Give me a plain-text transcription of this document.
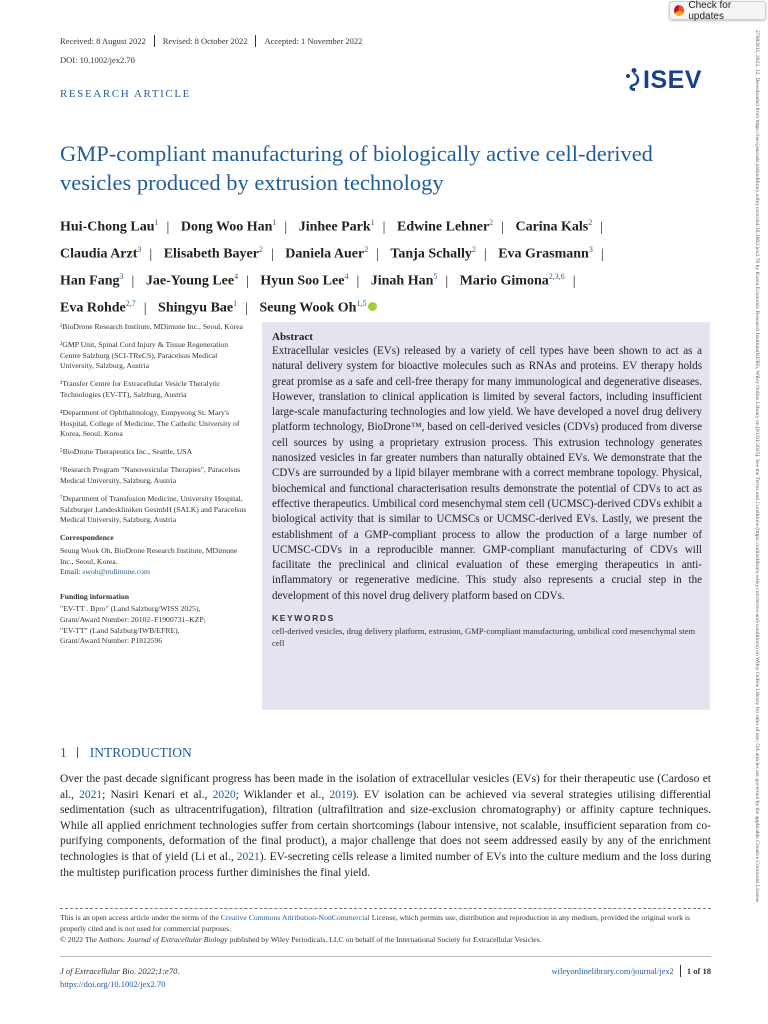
Check for updates
Received: 8 August 2022 Revised: 8 October 2022 Accepted: 1 November 2022
DOI: 10.1002/jex2.70
ISEV
RESEARCH ARTICLE
GMP-compliant manufacturing of biologically active cell-derived vesicles produced by extrusion technology
Hui-Chong Lau$^1$ | Dong Woo Han$^1$ | Jinhee Park$^1$ | Edwine Lehner$^2$ | Carina Kals$^2$ |
Claudia Arzt$^3$ | Elisabeth Bayer$^2$ | Daniela Auer$^2$ | Tanja Schally$^2$ | Eva Grasmann$^3$ |
Han Fang$^3$ | Jae-Young Lee$^4$ | Hyun Soo Lee$^4$ | Jinah Han$^5$ | Mario Gimona$^{2,3,6}$ |
Eva Rohde$^{2,7}$ | Shingyu Bae$^1$ | Seung Wook Oh$^{1,5}$
¹BioDrone Research Institute, MDimune Inc., Seoul, Korea
²GMP Unit, Spinal Cord Injury & Tissue Regeneration Centre Salzburg (SCI-TReCS), Paracelsus Medical University, Salzburg, Austria
³Transfer Centre for Extracellular Vesicle Theralytic Technologies (EV-TT), Salzburg, Austria
⁴Department of Ophthalmology, Eunpyeong St. Mary's Hospital, College of Medicine, The Catholic University of Korea, Seoul, Korea
⁵BioDrone Therapeutics Inc., Seattle, USA
⁶Research Program "Nanovesicular Therapies", Paracelsus Medical University, Salzburg, Austria
⁷Department of Transfusion Medicine, University Hospital, Salzburger Landeskliniken GesmbH (SALK) and Paracelsus Medical University, Salzburg, Austria
Correspondence
Seung Wook Oh, BioDrone Research Institute, MDimune Inc., Seoul, Korea.
Email: swoh@mdimune.com
Funding information
"EV-TT . Bpro" (Land Salzburg/WISS 2025),
Grant/Award Number: 20102–F1900731–KZP;
"EV-TT" (Land Salzburg/IWB/EFRE),
Grant/Award Number: P1812596
Abstract
Extracellular vesicles (EVs) released by a variety of cell types have been shown to act as a natural delivery system for bioactive molecules such as RNAs and proteins. EV therapy holds great promise as a safe and cell-free therapy for many immunological and degenerative diseases. However, translation to clinical application is limited by several factors, including insufficient large-scale manufacturing technologies and low yield. We have developed a novel drug delivery platform technology, BioDrone™, based on cell-derived vesicles (CDVs) produced from diverse cell sources by using a proprietary extrusion process. This extrusion technology generates nanosized vesicles in far greater numbers than naturally obtained EVs. We demonstrate that the CDVs are surrounded by a lipid bilayer membrane with a correct membrane topology. Physical, biochemical and functional characterisation results demonstrate the potential of CDVs to act as effective therapeutics. Umbilical cord mesenchymal stem cell (UCMSC)-derived CDVs exhibit a biological activity that is similar to UCMSCs or UCMSC-derived EVs. Lastly, we present the establishment of a GMP-compliant process to allow the production of a large number of UCMSC-CDVs in a reproducible manner. GMP-compliant manufacturing of CDVs will facilitate the preclinical and clinical evaluation of these emerging therapeutics in anti-inflammatory or regenerative medicine. This study also represents a crucial step in the development of this novel drug delivery platform based on CDVs.
KEYWORDS
cell-derived vesicles, drug delivery platform, extrusion, GMP-compliant manufacturing, umbilical cord mesenchymal stem cell
1 INTRODUCTION
Over the past decade significant progress has been made in the isolation of extracellular vesicles (EVs) for their therapeutic use (Cardoso et al., 2021; Nasiri Kenari et al., 2020; Wiklander et al., 2019). EV isolation can be achieved via several strategies utilising differential sedimentation (such as ultracentrifugation), filtration (ultrafiltration and size-exclusion chromatography) or affinity capture techniques. While all applied enrichment technologies suffer from certain shortcomings (labour intensive, not scalable, insufficient separation from co-purifying components, deformation of the final product), a major challenge that does not seem addressed easily by any of the enrichment technologies is that of yield (Li et al., 2021). EV-secreting cells release a limited number of EVs into the culture medium and the loss during the multistep purification process further diminishes the final yield.
This is an open access article under the terms of the Creative Commons Attribution-NonCommercial License, which permits use, distribution and reproduction in any medium, provided the original work is properly cited and is not used for commercial purposes.
© 2022 The Authors. Journal of Extracellular Biology published by Wiley Periodicals, LLC on behalf of the International Society for Extracellular Vesicles.
J of Extracellular Bio. 2022;1:e70.
https://doi.org/10.1002/jex2.70
wileyonlinelibrary.com/journal/jex2 1 of 18
27682811, 2022, 12, Downloaded from https://isevjournals.onlinelibrary.wiley.com/doi/10.1002/jex2.70 by Korea Economic Research Institute(KERI), Wiley Online Library on [01/01/2025]. See the Terms and Conditions (https://onlinelibrary.wiley.com/terms-and-conditions) on Wiley Online Library for rules of use; OA articles are governed by the applicable Creative Commons License
